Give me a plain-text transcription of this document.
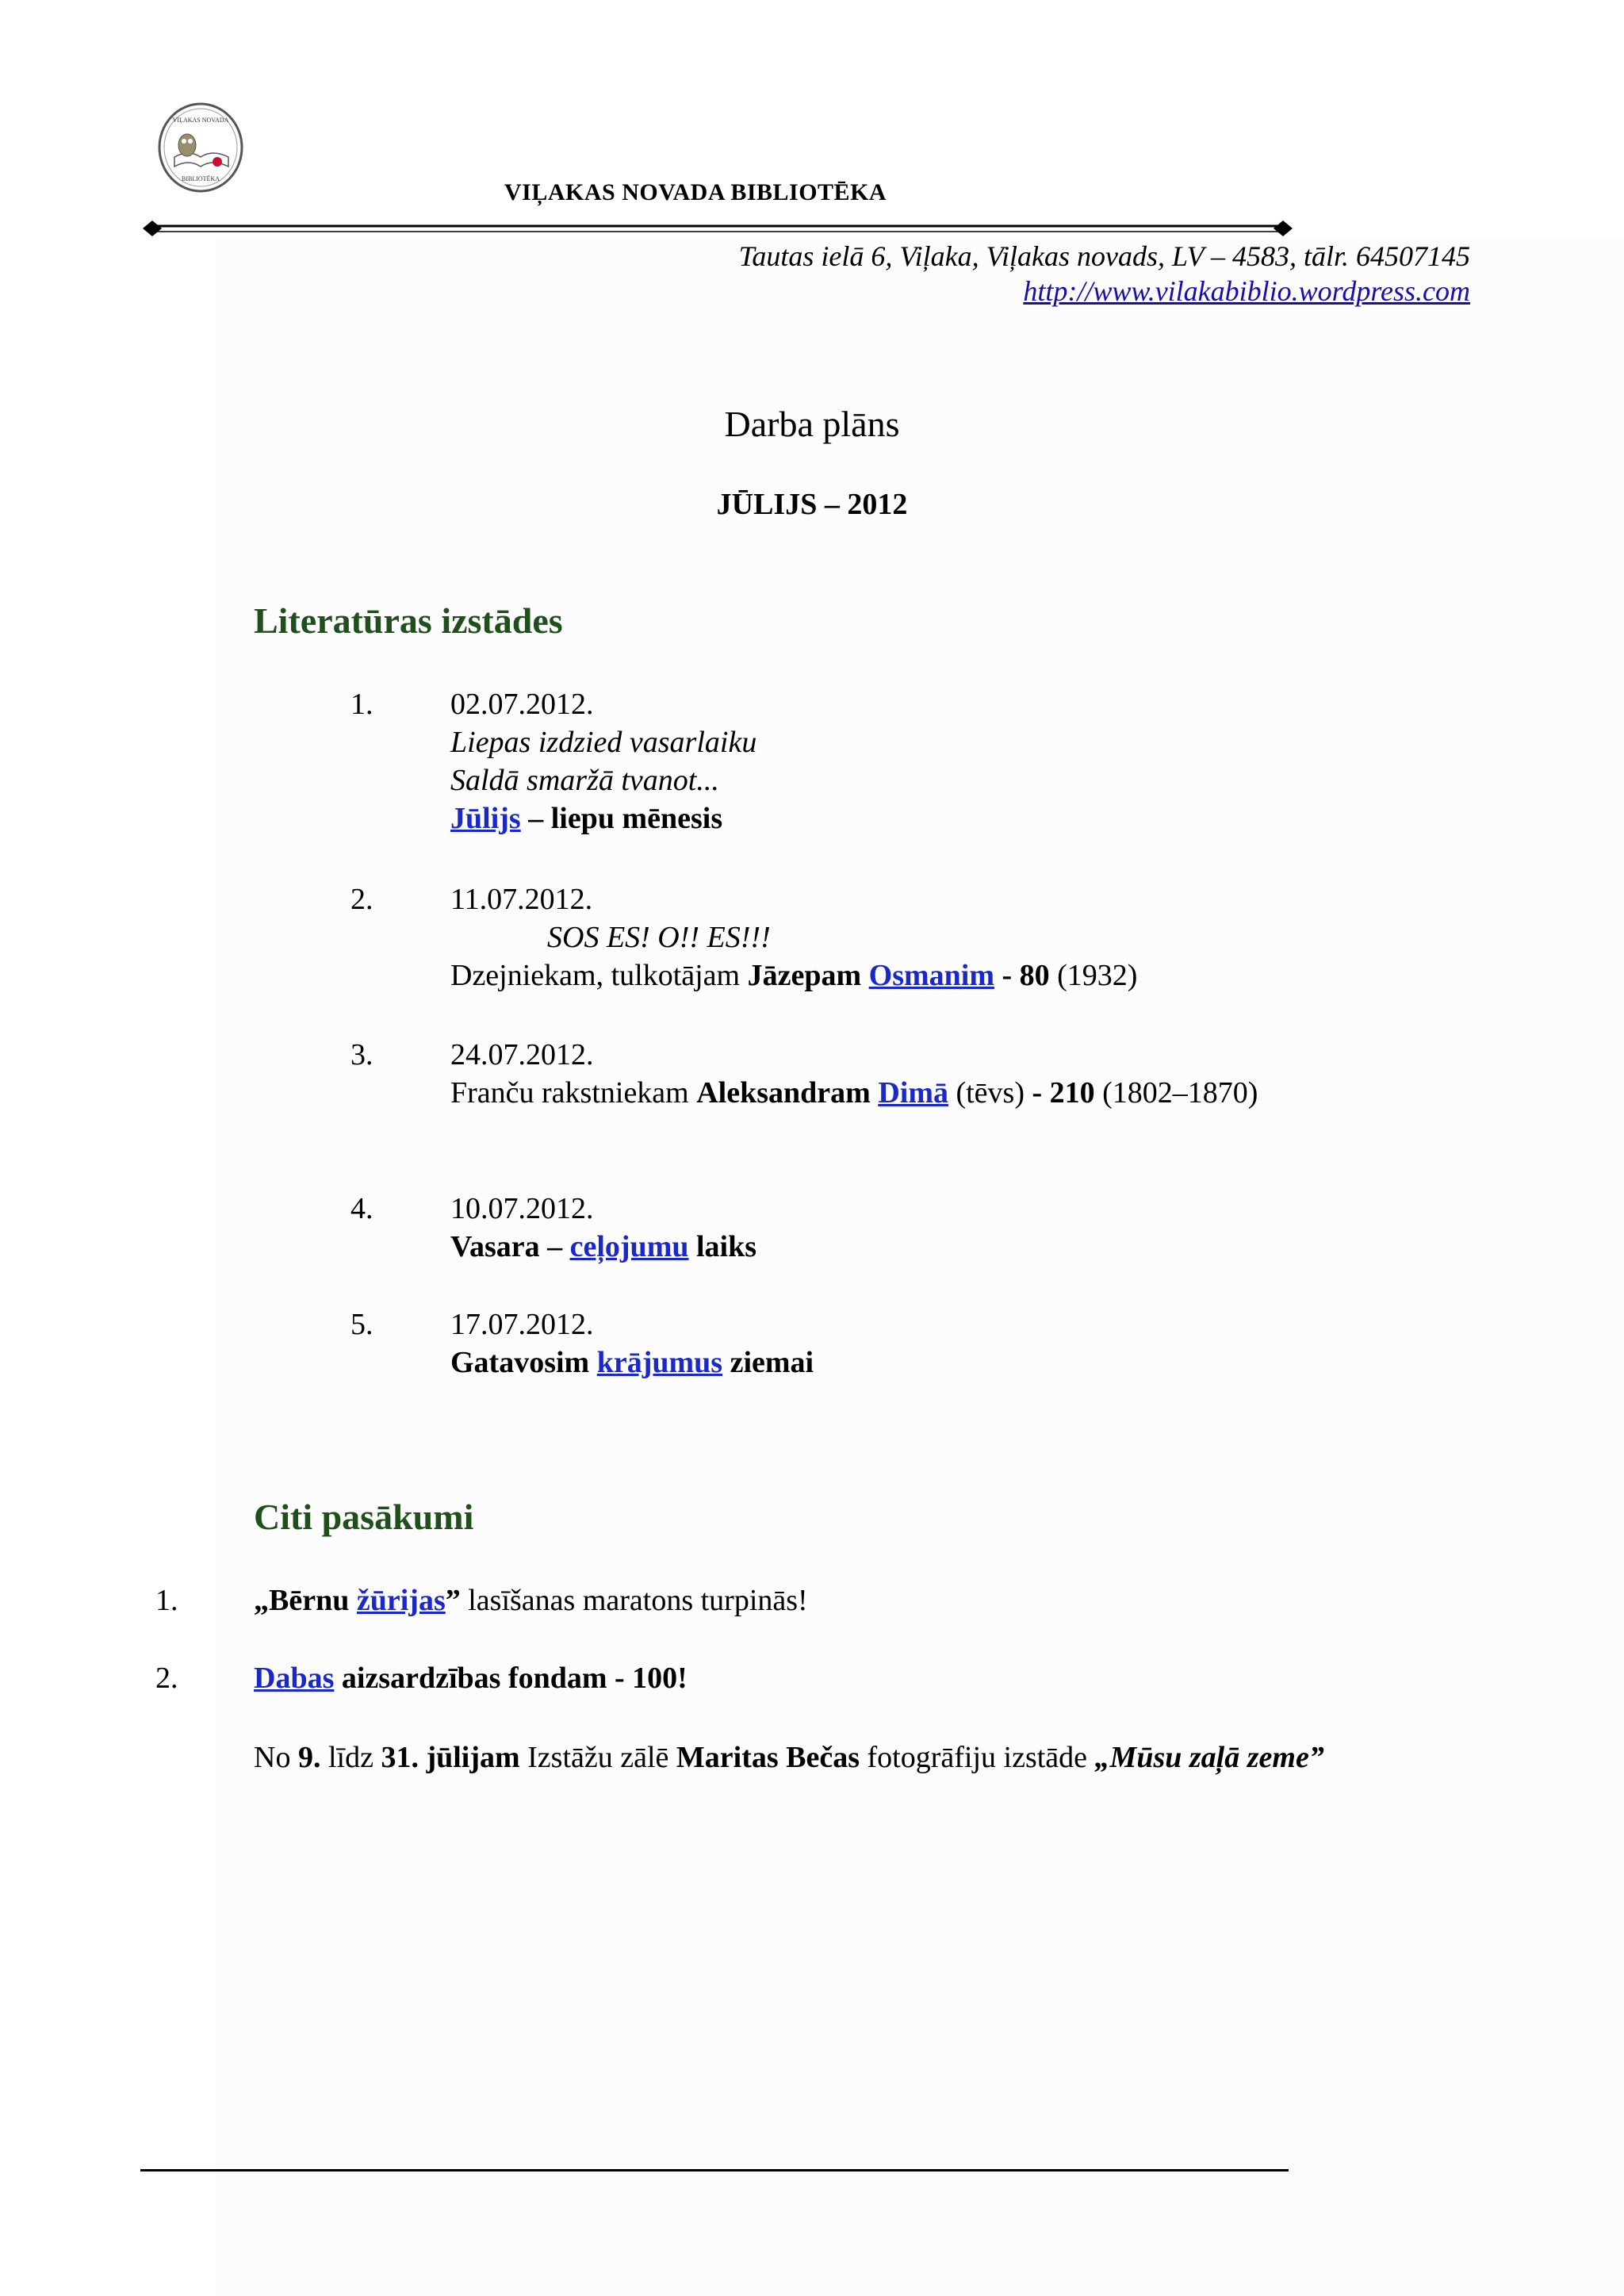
VIĻAKAS NOVADA
BIBLIOTĒKA
VIĻAKAS NOVADA BIBLIOTĒKA
Tautas ielā 6, Viļaka, Viļakas novads, LV – 4583, tālr. 64507145
http://www.vilakabiblio.wordpress.com
Darba plāns
JŪLIJS – 2012
Literatūras izstādes
1.	02.07.2012.
Liepas izdzied vasarlaiku
Saldā smaržā tvanot...
Jūlijs – liepu mēnesis
2.	11.07.2012.
SOS ES! O!! ES!!!
Dzejniekam, tulkotājam Jāzepam Osmanim - 80 (1932)
3.	24.07.2012.
Franču rakstniekam Aleksandram Dimā (tēvs) - 210 (1802–1870)
4.	10.07.2012.
Vasara – ceļojumu laiks
5.	17.07.2012.
Gatavosim krājumus ziemai
Citi pasākumi
1.	„Bērnu žūrijas” lasīšanas maratons turpinās!
2.	Dabas aizsardzības fondam - 100!
No 9. līdz 31. jūlijam Izstāžu zālē Maritas Bečas fotogrāfiju izstāde „Mūsu zaļā zeme”
